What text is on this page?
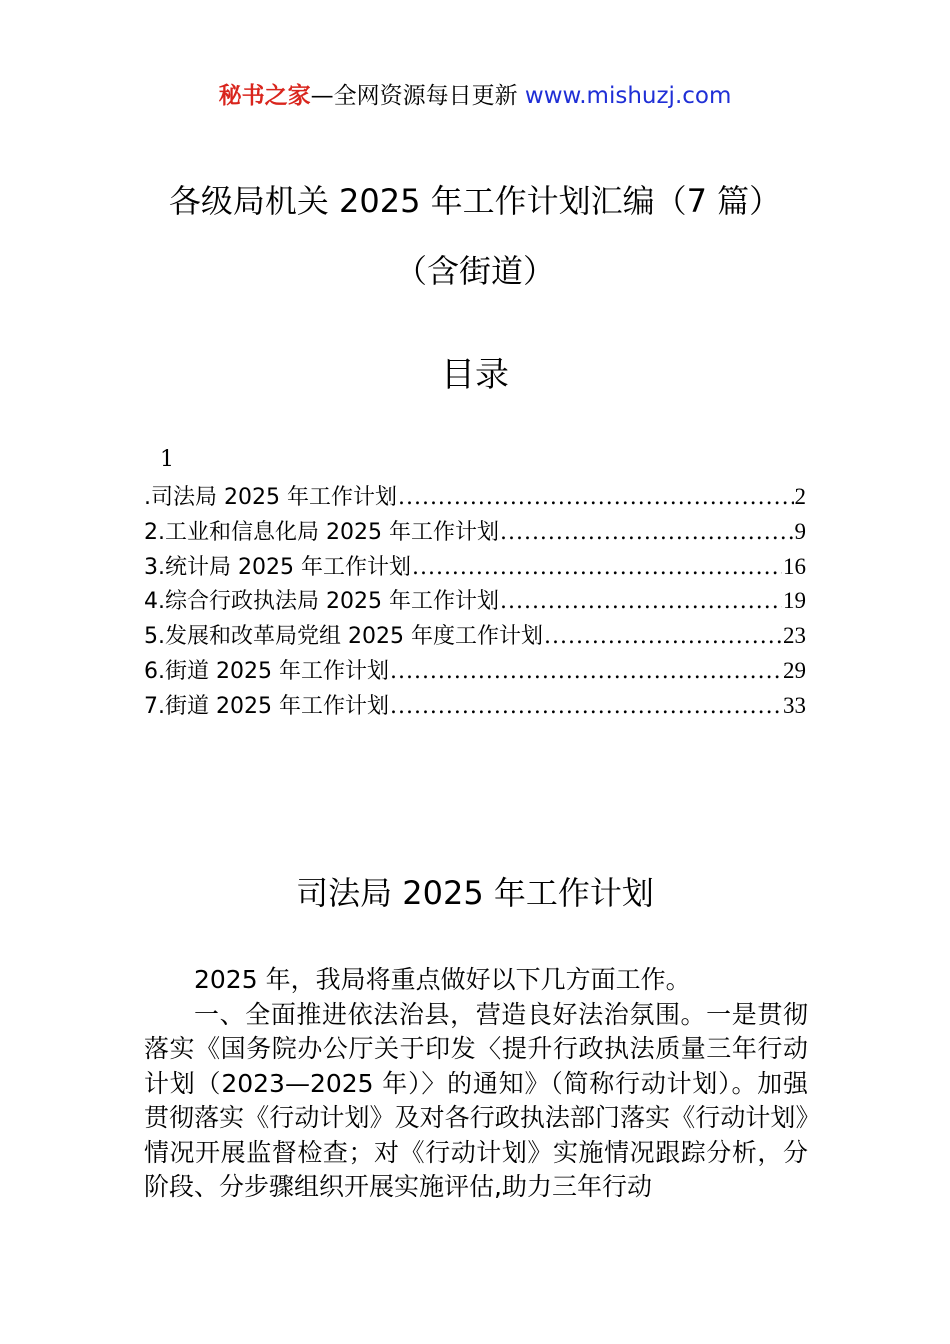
秘书之家—全网资源每日更新 www.mishuzj.com
各级局机关 2025 年工作计划汇编（7 篇）
（含街道）
目录
1
.司法局 2025 年工作计划 .....	2
2.工业和信息化局 2025 年工作计划 .....	9
3.统计局 2025 年工作计划 .....	16
4.综合行政执法局 2025 年工作计划 .....	19
5.发展和改革局党组 2025 年度工作计划 .....	23
6.街道 2025 年工作计划 .....	29
7.街道 2025 年工作计划 .....	33
司法局 2025 年工作计划

2025 年，我局将重点做好以下几方面工作。

一、全面推进依法治县，营造良好法治氛围。一是贯彻落实《国务院办公厅关于印发〈提升行政执法质量三年行动计划（2023—2025 年）〉的通知》（简称行动计划）。加强贯彻落实《行动计划》及对各行政执法部门落实《行动计划》情况开展监督检查；对《行动计划》实施情况跟踪分析，分阶段、分步骤组织开展实施评估,助力三年行动
